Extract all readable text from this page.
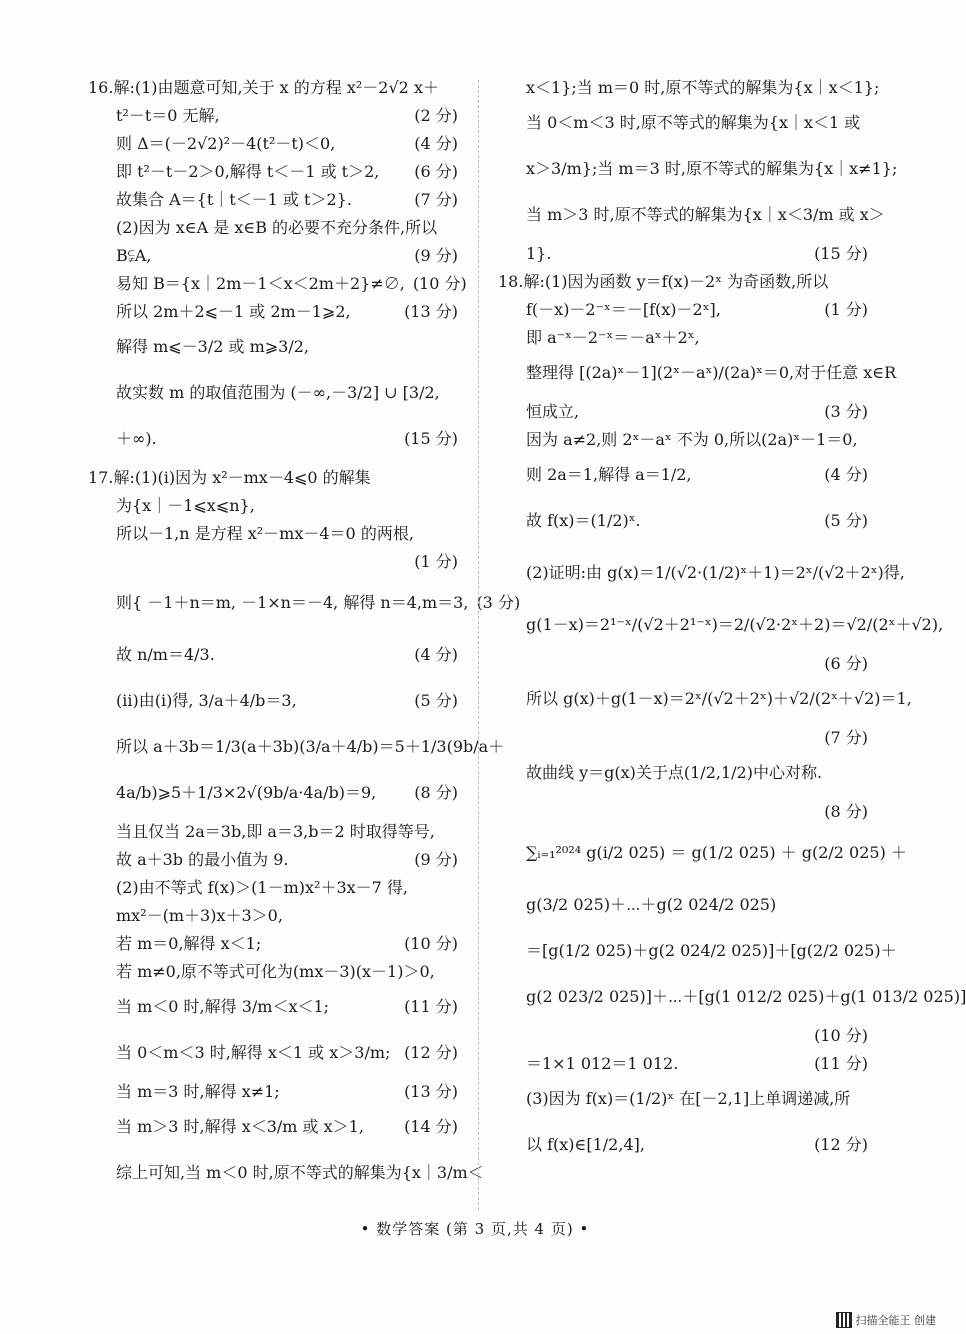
16.解:(1)由题意可知,关于 x 的方程 x²－2√2 x＋
t²－t＝0 无解,	(2 分)
则 Δ＝(－2√2)²－4(t²－t)＜0,	(4 分)
即 t²－t－2＞0,解得 t＜－1 或 t＞2,	(6 分)
故集合 A＝{t｜t＜－1 或 t＞2}.	(7 分)
(2)因为 x∈A 是 x∈B 的必要不充分条件,所以
B⫋A,	(9 分)
易知 B＝{x｜2m－1＜x＜2m＋2}≠∅, (10 分)
所以 2m＋2⩽－1 或 2m－1⩾2,	(13 分)
解得 m⩽－3/2 或 m⩾3/2,
故实数 m 的取值范围为 (－∞,－3/2] ∪ [3/2,
＋∞).	(15 分)
17.解:(1)(ⅰ)因为 x²－mx－4⩽0 的解集
为{x｜－1⩽x⩽n},
所以－1,n 是方程 x²－mx－4＝0 的两根,
(1 分)
则{ －1＋n＝m, －1×n＝－4, 解得 n＝4,m＝3, (3 分)
故 n/m＝4/3.	(4 分)
(ⅱ)由(ⅰ)得, 3/a＋4/b＝3,	(5 分)
所以 a＋3b＝1/3(a＋3b)(3/a＋4/b)＝5＋1/3(9b/a＋
4a/b)⩾5＋1/3×2√(9b/a·4a/b)＝9,	(8 分)
当且仅当 2a＝3b,即 a＝3,b＝2 时取得等号,
故 a＋3b 的最小值为 9.	(9 分)
(2)由不等式 f(x)＞(1－m)x²＋3x－7 得,
mx²－(m＋3)x＋3＞0,
若 m＝0,解得 x＜1;	(10 分)
若 m≠0,原不等式可化为(mx－3)(x－1)＞0,
当 m＜0 时,解得 3/m＜x＜1;	(11 分)
当 0＜m＜3 时,解得 x＜1 或 x＞3/m; (12 分)
当 m＝3 时,解得 x≠1;	(13 分)
当 m＞3 时,解得 x＜3/m 或 x＞1,	(14 分)
综上可知,当 m＜0 时,原不等式的解集为{x｜3/m＜
x＜1};当 m＝0 时,原不等式的解集为{x｜x＜1};
当 0＜m＜3 时,原不等式的解集为{x｜x＜1 或
x＞3/m};当 m＝3 时,原不等式的解集为{x｜x≠1};
当 m＞3 时,原不等式的解集为{x｜x＜3/m 或 x＞
1}.	(15 分)
18.解:(1)因为函数 y＝f(x)－2ˣ 为奇函数,所以
f(－x)－2⁻ˣ＝－[f(x)－2ˣ],	(1 分)
即 a⁻ˣ－2⁻ˣ＝－aˣ＋2ˣ,
整理得 [(2a)ˣ－1](2ˣ－aˣ)/(2a)ˣ＝0,对于任意 x∈R
恒成立,	(3 分)
因为 a≠2,则 2ˣ－aˣ 不为 0,所以(2a)ˣ－1＝0,
则 2a＝1,解得 a＝1/2,	(4 分)
故 f(x)＝(1/2)ˣ.	(5 分)
(2)证明:由 g(x)＝1/(√2·(1/2)ˣ＋1)＝2ˣ/(√2＋2ˣ)得,
g(1－x)＝2¹⁻ˣ/(√2＋2¹⁻ˣ)＝2/(√2·2ˣ＋2)＝√2/(2ˣ＋√2),
(6 分)
所以 g(x)＋g(1－x)＝2ˣ/(√2＋2ˣ)＋√2/(2ˣ＋√2)＝1,
(7 分)
故曲线 y＝g(x)关于点(1/2,1/2)中心对称.
(8 分)
∑ᵢ₌₁²⁰²⁴ g(i/2 025) ＝ g(1/2 025) ＋ g(2/2 025) ＋
g(3/2 025)＋⋯＋g(2 024/2 025)
＝[g(1/2 025)＋g(2 024/2 025)]＋[g(2/2 025)＋
g(2 023/2 025)]＋⋯＋[g(1 012/2 025)＋g(1 013/2 025)]
(10 分)
＝1×1 012＝1 012.	(11 分)
(3)因为 f(x)＝(1/2)ˣ 在[－2,1]上单调递减,所
以 f(x)∈[1/2,4],	(12 分)
• 数学答案 (第 3 页,共 4 页) •
扫描全能王 创建
